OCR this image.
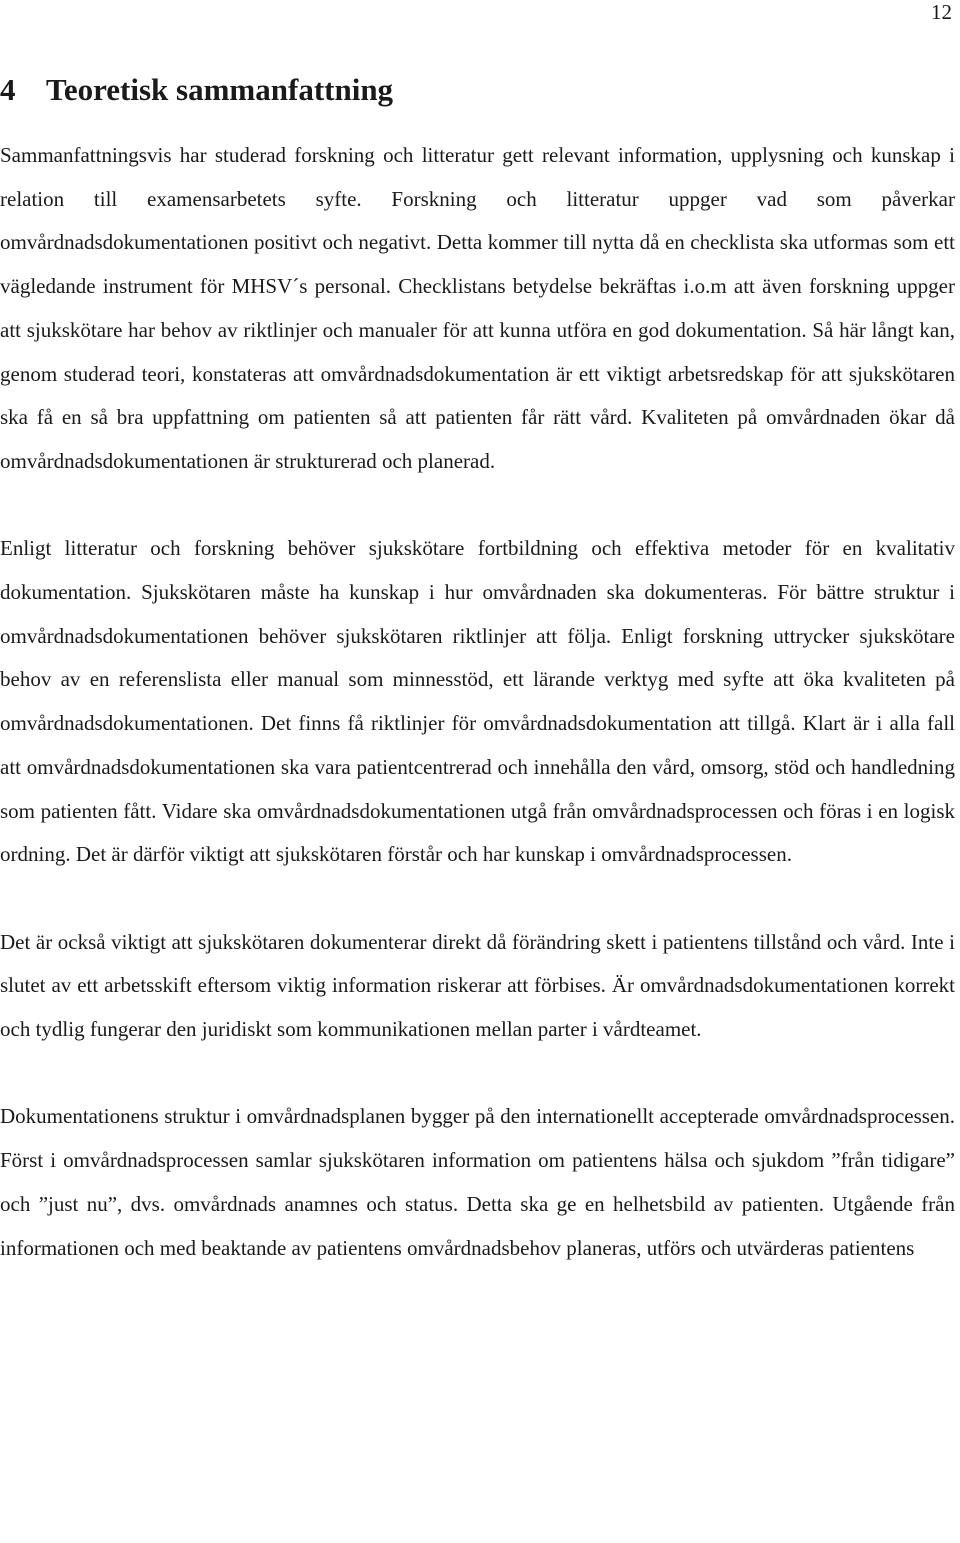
12
4 Teoretisk sammanfattning

Sammanfattningsvis har studerad forskning och litteratur gett relevant information, upplysning och kunskap i relation till examensarbetets syfte. Forskning och litteratur uppger vad som påverkar omvårdnadsdokumentationen positivt och negativt. Detta kommer till nytta då en checklista ska utformas som ett vägledande instrument för MHSV´s personal. Checklistans betydelse bekräftas i.o.m att även forskning uppger att sjukskötare har behov av riktlinjer och manualer för att kunna utföra en god dokumentation. Så här långt kan, genom studerad teori, konstateras att omvårdnadsdokumentation är ett viktigt arbetsredskap för att sjukskötaren ska få en så bra uppfattning om patienten så att patienten får rätt vård. Kvaliteten på omvårdnaden ökar då omvårdnadsdokumentationen är strukturerad och planerad.

Enligt litteratur och forskning behöver sjukskötare fortbildning och effektiva metoder för en kvalitativ dokumentation. Sjukskötaren måste ha kunskap i hur omvårdnaden ska dokumenteras. För bättre struktur i omvårdnadsdokumentationen behöver sjukskötaren riktlinjer att följa. Enligt forskning uttrycker sjukskötare behov av en referenslista eller manual som minnesstöd, ett lärande verktyg med syfte att öka kvaliteten på omvårdnadsdokumentationen. Det finns få riktlinjer för omvårdnadsdokumentation att tillgå. Klart är i alla fall att omvårdnadsdokumentationen ska vara patientcentrerad och innehålla den vård, omsorg, stöd och handledning som patienten fått. Vidare ska omvårdnadsdokumentationen utgå från omvårdnadsprocessen och föras i en logisk ordning. Det är därför viktigt att sjukskötaren förstår och har kunskap i omvårdnadsprocessen.

Det är också viktigt att sjukskötaren dokumenterar direkt då förändring skett i patientens tillstånd och vård. Inte i slutet av ett arbetsskift eftersom viktig information riskerar att förbises. Är omvårdnadsdokumentationen korrekt och tydlig fungerar den juridiskt som kommunikationen mellan parter i vårdteamet.

Dokumentationens struktur i omvårdnadsplanen bygger på den internationellt accepterade omvårdnadsprocessen. Först i omvårdnadsprocessen samlar sjukskötaren information om patientens hälsa och sjukdom ”från tidigare” och ”just nu”, dvs. omvårdnads anamnes och status. Detta ska ge en helhetsbild av patienten. Utgående från informationen och med beaktande av patientens omvårdnadsbehov planeras, utförs och utvärderas patientens
